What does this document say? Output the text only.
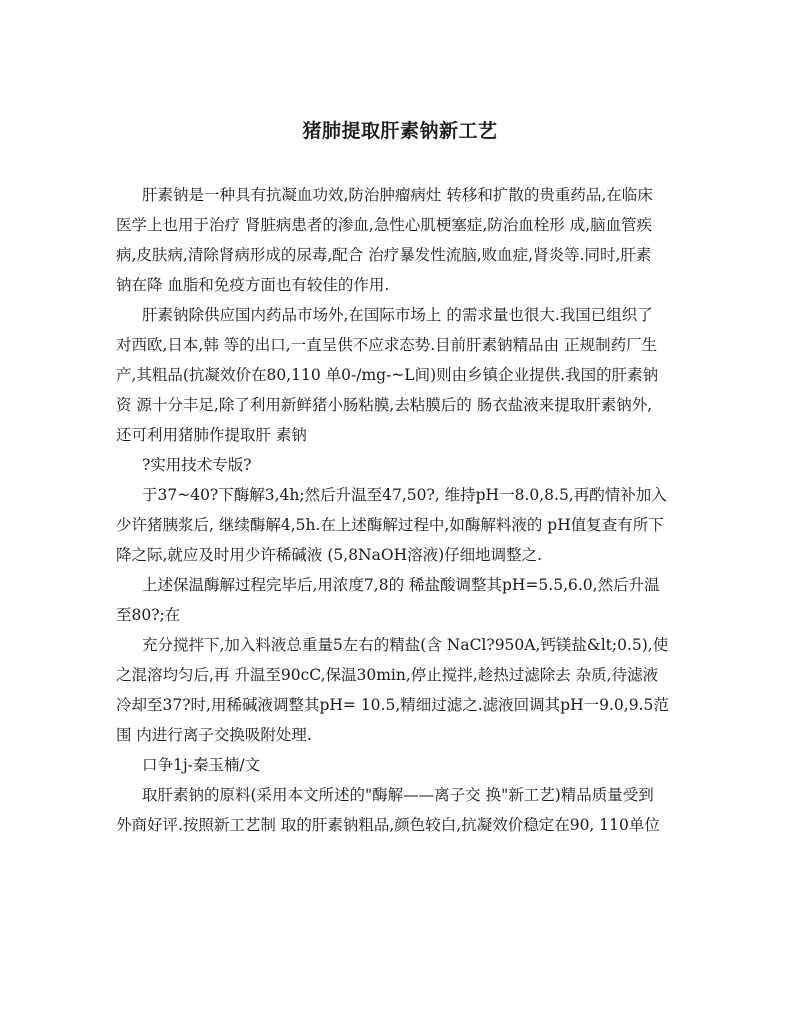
猪肺提取肝素钠新工艺
肝素钠是一种具有抗凝血功效,防治肿瘤病灶 转移和扩散的贵重药品,在临床
医学上也用于治疗 肾脏病患者的渗血,急性心肌梗塞症,防治血栓形 成,脑血管疾
病,皮肤病,清除肾病形成的尿毒,配合 治疗暴发性流脑,败血症,肾炎等.同时,肝素
钠在降 血脂和免疫方面也有较佳的作用.
肝素钠除供应国内药品市场外,在国际市场上 的需求量也很大.我国已组织了
对西欧,日本,韩 等的出口,一直呈供不应求态势.目前肝素钠精品由 正规制药厂生
产,其粗品(抗凝效价在80,110 单0-/mg-~L间)则由乡镇企业提供.我国的肝素钠
资 源十分丰足,除了利用新鲜猪小肠粘膜,去粘膜后的 肠衣盐液来提取肝素钠外,
还可利用猪肺作提取肝 素钠
?实用技术专版?
于37~40?下酶解3,4h;然后升温至47,50?, 维持pH一8.0,8.5,再酌情补加入
少许猪胰浆后, 继续酶解4,5h.在上述酶解过程中,如酶解料液的 pH值复查有所下
降之际,就应及时用少许稀碱液 (5,8NaOH溶液)仔细地调整之.
上述保温酶解过程完毕后,用浓度7,8的 稀盐酸调整其pH=5.5,6.0,然后升温
至80?;在
充分搅拌下,加入料液总重量5左右的精盐(含 NaCl?950A,钙镁盐&lt;0.5),使
之混溶均匀后,再 升温至90cC,保温30min,停止搅拌,趁热过滤除去 杂质,待滤液
冷却至37?时,用稀碱液调整其pH= 10.5,精细过滤之.滤液回调其pH一9.0,9.5范
围 内进行离子交换吸附处理.
口争1j-秦玉楠/文
取肝素钠的原料(采用本文所述的"酶解——离子交 换"新工艺)精品质量受到
外商好评.按照新工艺制 取的肝素钠粗品,颜色较白,抗凝效价稳定在90, 110单位
